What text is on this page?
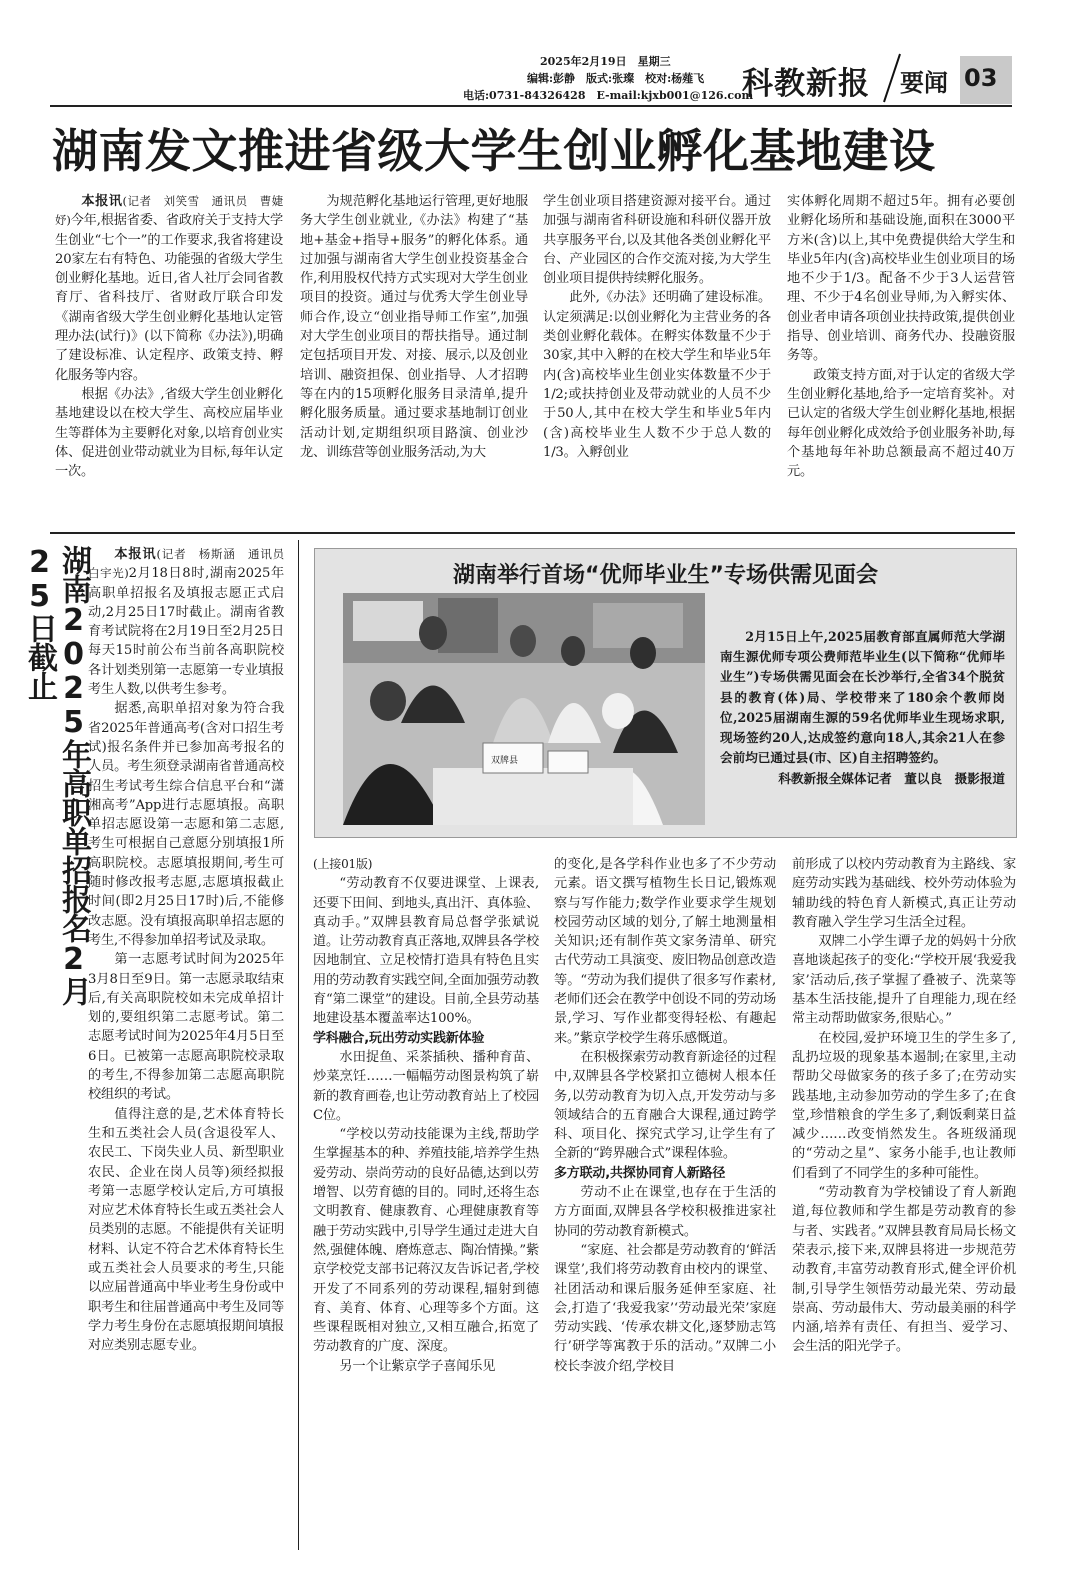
2025年2月19日　星期三
编辑:彭静　版式:张璨　校对:杨薤飞
电话:0731-84326428　E-mail:kjxb001@126.com
科教新报 要闻 03
湖南发文推进省级大学生创业孵化基地建设

本报讯(记者　刘笑雪　通讯员　曹婕妤)今年,根据省委、省政府关于支持大学生创业“七个一”的工作要求,我省将建设20家左右有特色、功能强的省级大学生创业孵化基地。近日,省人社厅会同省教育厅、省科技厅、省财政厅联合印发《湖南省级大学生创业孵化基地认定管理办法(试行)》(以下简称《办法》),明确了建设标准、认定程序、政策支持、孵化服务等内容。

根据《办法》,省级大学生创业孵化基地建设以在校大学生、高校应届毕业生等群体为主要孵化对象,以培育创业实体、促进创业带动就业为目标,每年认定一次。

为规范孵化基地运行管理,更好地服务大学生创业就业,《办法》构建了“基地+基金+指导+服务”的孵化体系。通过加强与湖南省大学生创业投资基金合作,利用股权代持方式实现对大学生创业项目的投资。通过与优秀大学生创业导师合作,设立“创业指导师工作室”,加强对大学生创业项目的帮扶指导。通过制定包括项目开发、对接、展示,以及创业培训、融资担保、创业指导、人才招聘等在内的15项孵化服务目录清单,提升孵化服务质量。通过要求基地制订创业活动计划,定期组织项目路演、创业沙龙、训练营等创业服务活动,为大

学生创业项目搭建资源对接平台。通过加强与湖南省科研设施和科研仪器开放共享服务平台,以及其他各类创业孵化平台、产业园区的合作交流对接,为大学生创业项目提供持续孵化服务。

此外,《办法》还明确了建设标准。认定须满足:以创业孵化为主营业务的各类创业孵化载体。在孵实体数量不少于30家,其中入孵的在校大学生和毕业5年内(含)高校毕业生创业实体数量不少于1/2;或扶持创业及带动就业的人员不少于50人,其中在校大学生和毕业5年内(含)高校毕业生人数不少于总人数的1/3。入孵创业

实体孵化周期不超过5年。拥有必要创业孵化场所和基础设施,面积在3000平方米(含)以上,其中免费提供给大学生和毕业5年内(含)高校毕业生创业项目的场地不少于1/3。配备不少于3人运营管理、不少于4名创业导师,为入孵实体、创业者申请各项创业扶持政策,提供创业指导、创业培训、商务代办、投融资服务等。

政策支持方面,对于认定的省级大学生创业孵化基地,给予一定培育奖补。对已认定的省级大学生创业孵化基地,根据每年创业孵化成效给予创业服务补助,每个基地每年补助总额最高不超过40万元。

湖南2025年高职单招报名2月25日截止	本报讯(记者　杨斯涵　通讯员　白宇光)2月18日8时,湖南2025年高职单招报名及填报志愿正式启动,2月25日17时截止。湖南省教育考试院将在2月19日至2月25日每天15时前公布当前各高职院校各计划类别第一志愿第一专业填报考生人数,以供考生参考。

据悉,高职单招对象为符合我省2025年普通高考(含对口招生考试)报名条件并已参加高考报名的人员。考生须登录湖南省普通高校招生考试考生综合信息平台和“潇湘高考”App进行志愿填报。高职单招志愿设第一志愿和第二志愿,考生可根据自己意愿分别填报1所高职院校。志愿填报期间,考生可随时修改报考志愿,志愿填报截止时间(即2月25日17时)后,不能修改志愿。没有填报高职单招志愿的考生,不得参加单招考试及录取。

第一志愿考试时间为2025年3月8日至9日。第一志愿录取结束后,有关高职院校如未完成单招计划的,要组织第二志愿考试。第二志愿考试时间为2025年4月5日至6日。已被第一志愿高职院校录取的考生,不得参加第二志愿高职院校组织的考试。

值得注意的是,艺术体育特长生和五类社会人员(含退役军人、农民工、下岗失业人员、新型职业农民、企业在岗人员等)须经拟报考第一志愿学校认定后,方可填报对应艺术体育特长生或五类社会人员类别的志愿。不能提供有关证明材料、认定不符合艺术体育特长生或五类社会人员要求的考生,只能以应届普通高中毕业考生身份或中职考生和往届普通高中考生及同等学力考生身份在志愿填报期间填报对应类别志愿专业。

湖南举行首场“优师毕业生”专场供需见面会
双牌县

2月15日上午,2025届教育部直属师范大学湖南生源优师专项公费师范毕业生(以下简称“优师毕业生”)专场供需见面会在长沙举行,全省34个脱贫县的教育(体)局、学校带来了180余个教师岗位,2025届湖南生源的59名优师毕业生现场求职,现场签约20人,达成签约意向18人,其余21人在参会前均已通过县(市、区)自主招聘签约。

科教新报全媒体记者　董以良　摄影报道

(上接01版)

“劳动教育不仅要进课堂、上课表,还要下田间、到地头,真出汗、真体验、真动手。”双牌县教育局总督学张斌说道。让劳动教育真正落地,双牌县各学校因地制宜、立足校情打造具有特色且实用的劳动教育实践空间,全面加强劳动教育“第二课堂”的建设。目前,全县劳动基地建设基本覆盖率达100%。

学科融合,玩出劳动实践新体验

水田捉鱼、采茶插秧、播种育苗、炒菜烹饪……一幅幅劳动图景构筑了崭新的教育画卷,也让劳动教育站上了校园C位。

“学校以劳动技能课为主线,帮助学生掌握基本的种、养殖技能,培养学生热爱劳动、崇尚劳动的良好品德,达到以劳增智、以劳育德的目的。同时,还将生态文明教育、健康教育、心理健康教育等融于劳动实践中,引导学生通过走进大自然,强健体魄、磨炼意志、陶冶情操。”紫京学校党支部书记蒋汉友告诉记者,学校开发了不同系列的劳动课程,辐射到德育、美育、体育、心理等多个方面。这些课程既相对独立,又相互融合,拓宽了劳动教育的广度、深度。

另一个让紫京学子喜闻乐见

的变化,是各学科作业也多了不少劳动元素。语文撰写植物生长日记,锻炼观察与写作能力;数学作业要求学生规划校园劳动区域的划分,了解土地测量相关知识;还有制作英文家务清单、研究古代劳动工具演变、废旧物品创意改造等。“劳动为我们提供了很多写作素材,老师们还会在教学中创设不同的劳动场景,学习、写作业都变得轻松、有趣起来。”紫京学校学生蒋乐感慨道。

在积极探索劳动教育新途径的过程中,双牌县各学校紧扣立德树人根本任务,以劳动教育为切入点,开发劳动与多领域结合的五育融合大课程,通过跨学科、项目化、探究式学习,让学生有了全新的“跨界融合式”课程体验。

多方联动,共探协同育人新路径

劳动不止在课堂,也存在于生活的方方面面,双牌县各学校积极推进家社协同的劳动教育新模式。

“家庭、社会都是劳动教育的‘鲜活课堂’,我们将劳动教育由校内的课堂、社团活动和课后服务延伸至家庭、社会,打造了‘我爱我家’‘劳动最光荣’家庭劳动实践、‘传承农耕文化,逐梦励志笃行’研学等寓教于乐的活动。”双牌二小校长李波介绍,学校目

前形成了以校内劳动教育为主路线、家庭劳动实践为基础线、校外劳动体验为辅助线的特色育人新模式,真正让劳动教育融入学生学习生活全过程。

双牌二小学生谭子龙的妈妈十分欣喜地谈起孩子的变化:“学校开展‘我爱我家’活动后,孩子掌握了叠被子、洗菜等基本生活技能,提升了自理能力,现在经常主动帮助做家务,很贴心。”

在校园,爱护环境卫生的学生多了,乱扔垃圾的现象基本遏制;在家里,主动帮助父母做家务的孩子多了;在劳动实践基地,主动参加劳动的学生多了;在食堂,珍惜粮食的学生多了,剩饭剩菜日益减少……改变悄然发生。各班级涌现的“劳动之星”、家务小能手,也让教师们看到了不同学生的多种可能性。

“劳动教育为学校铺设了育人新跑道,每位教师和学生都是劳动教育的参与者、实践者。”双牌县教育局局长杨文荣表示,接下来,双牌县将进一步规范劳动教育,丰富劳动教育形式,健全评价机制,引导学生领悟劳动最光荣、劳动最崇高、劳动最伟大、劳动最美丽的科学内涵,培养有责任、有担当、爱学习、会生活的阳光学子。
